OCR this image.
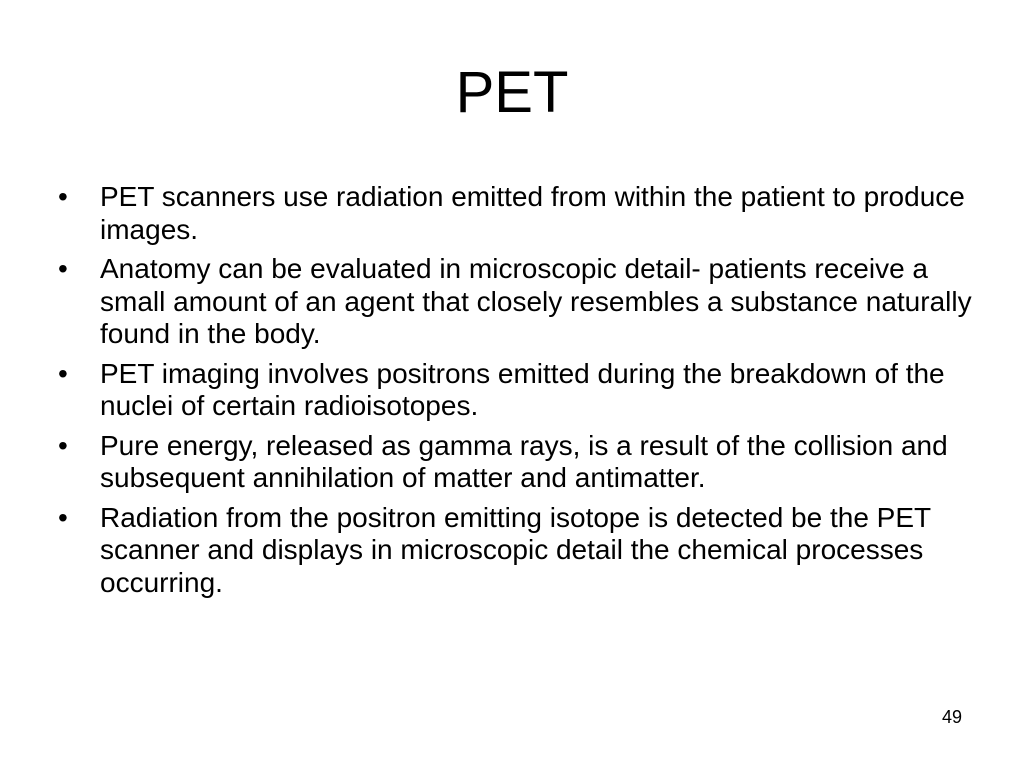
PET
•	PET scanners use radiation emitted from within the patient to produce images.
•	Anatomy can be evaluated in microscopic detail- patients receive a small amount of an agent that closely resembles a substance naturally found in the body.
•	PET imaging involves positrons emitted during the breakdown of the nuclei of certain radioisotopes.
•	Pure energy, released as gamma rays, is a result of the collision and subsequent annihilation of matter and antimatter.
•	Radiation from the positron emitting isotope is detected be the PET scanner and displays in microscopic detail the chemical processes occurring.
49
